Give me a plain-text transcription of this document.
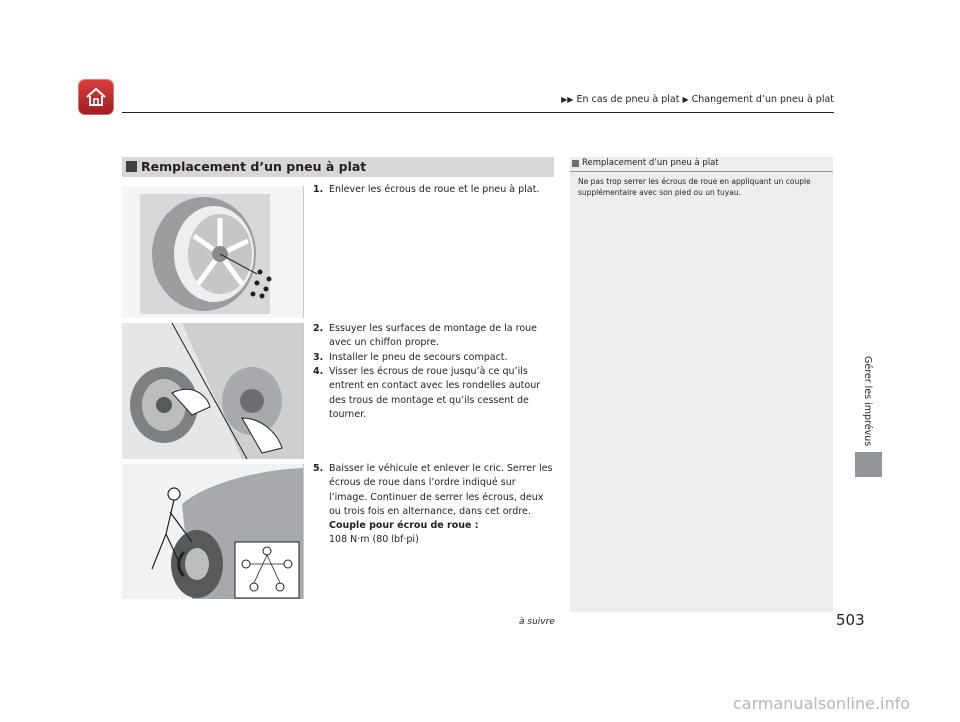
▶▶ En cas de pneu à plat ▶ Changement d’un pneu à plat
Gérer les imprévus
Remplacement d’un pneu à plat
1. Enlever les écrous de roue et le pneu à plat.
2. Essuyer les surfaces de montage de la roue avec un chiffon propre.
3. Installer le pneu de secours compact.
4. Visser les écrous de roue jusqu’à ce qu’ils entrent en contact avec les rondelles autour des trous de montage et qu’ils cessent de tourner.
5. Baisser le véhicule et enlever le cric. Serrer les écrous de roue dans l’ordre indiqué sur l’image. Continuer de serrer les écrous, deux ou trois fois en alternance, dans cet ordre.
Couple pour écrou de roue :
108 N·m (80 lbf·pi)
Remplacement d’un pneu à plat
Ne pas trop serrer les écrous de roue en appliquant un couple supplémentaire avec son pied ou un tuyau.
à suivre	503
carmanualsonline.info
